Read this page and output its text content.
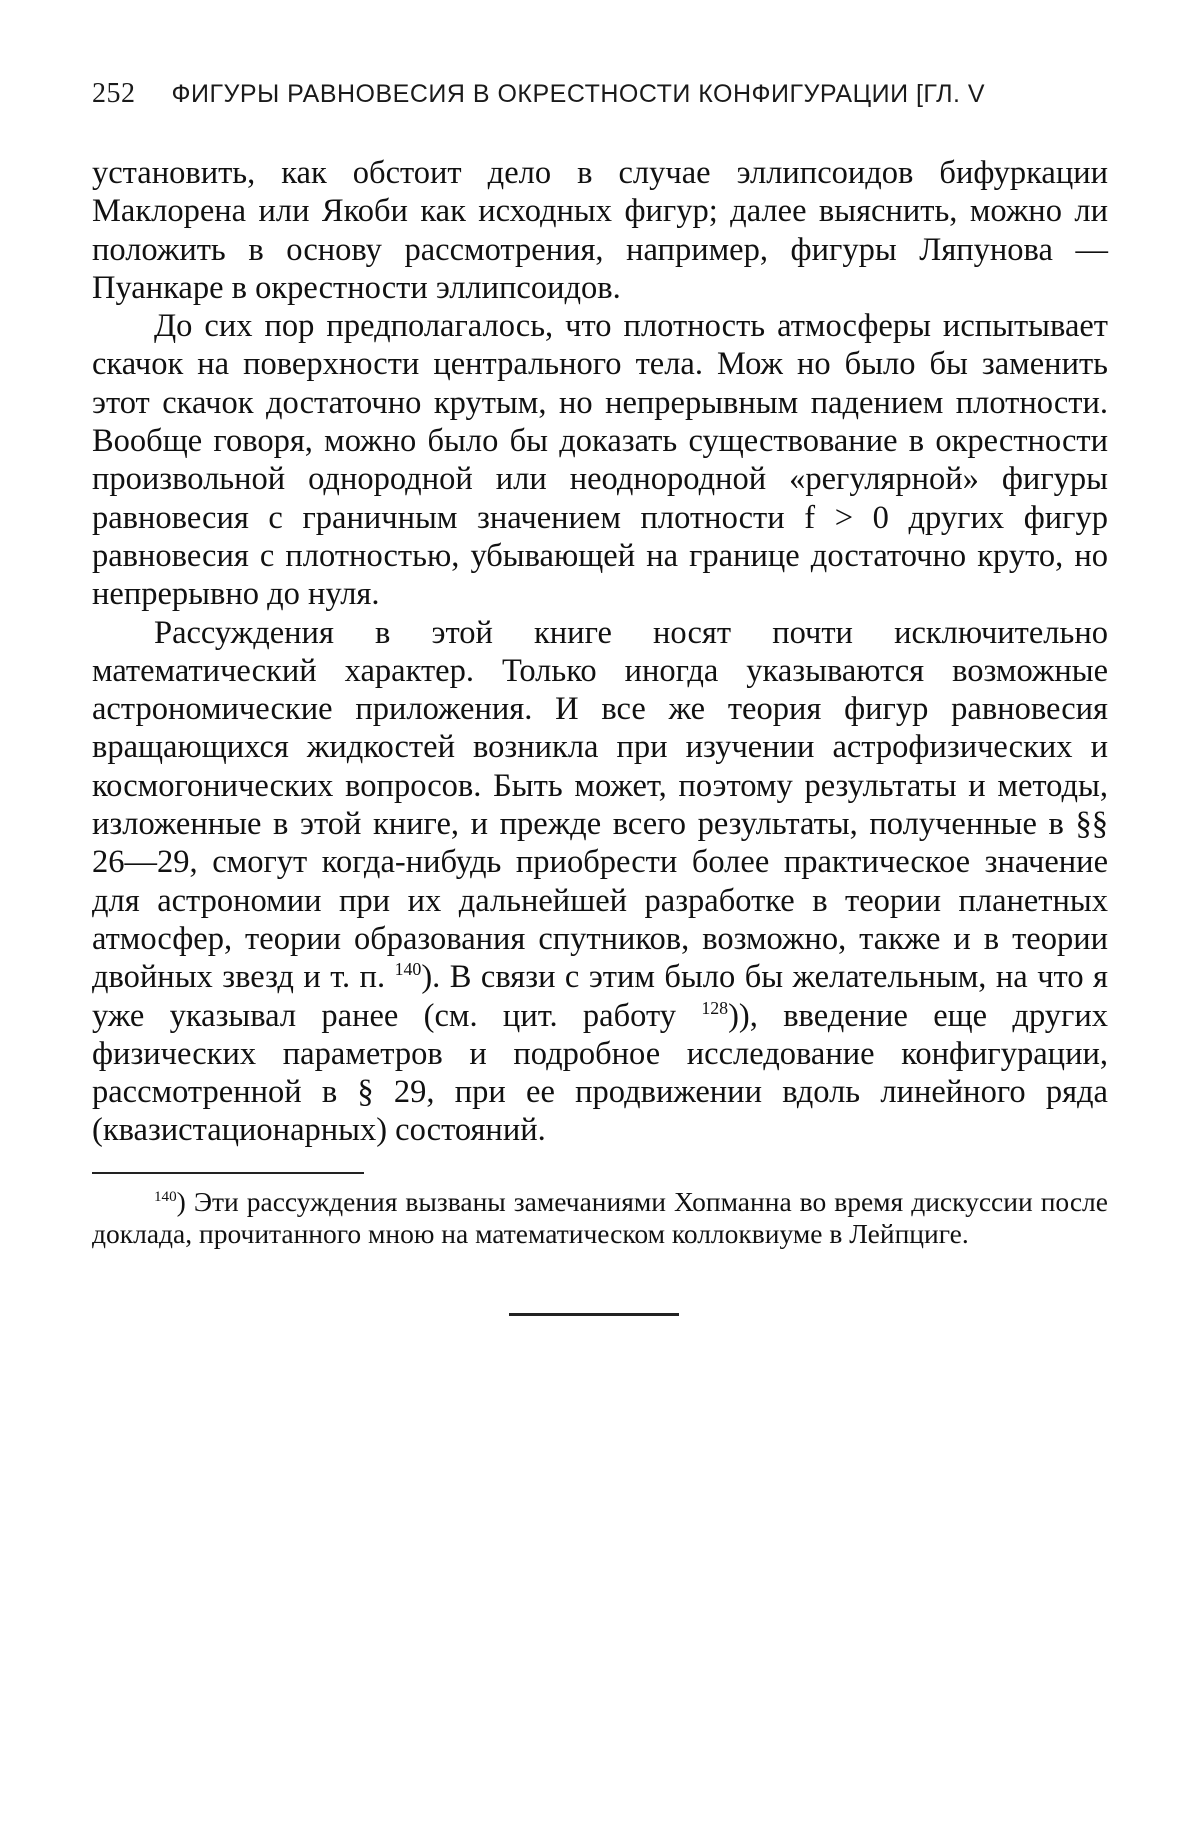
252 ФИГУРЫ РАВНОВЕСИЯ В ОКРЕСТНОСТИ КОНФИГУРАЦИИ [ГЛ. V

установить, как обстоит дело в случае эллипсоидов бифуркации Маклорена или Якоби как исходных фигур; далее выяснить, можно ли положить в основу рассмотрения, например, фигуры Ляпунова — Пуанкаре в окрестности эллипсоидов.

До сих пор предполагалось, что плотность атмосферы испытывает скачок на поверхности центрального тела. Мож но было бы заменить этот скачок достаточно крутым, но непрерывным падением плотности. Вообще говоря, можно было бы доказать существование в окрестности произвольной однородной или неоднородной «регулярной» фигуры равновесия с граничным значением плотности f > 0 других фигур равновесия с плотностью, убывающей на границе достаточно круто, но непрерывно до нуля.

Рассуждения в этой книге носят почти исключительно математический характер. Только иногда указываются возможные астрономические приложения. И все же теория фигур равновесия вращающихся жидкостей возникла при изучении астрофизических и космогонических вопросов. Быть может, поэтому результаты и методы, изложенные в этой книге, и прежде всего результаты, полученные в §§ 26—29, смогут когда-нибудь приобрести более практическое значение для астрономии при их дальнейшей разработке в теории планетных атмосфер, теории образования спутников, возможно, также и в теории двойных звезд и т. п. $^{140}$). В связи с этим было бы желательным, на что я уже указывал ранее (см. цит. работу $^{128}$)), введение еще других физических параметров и подробное исследование конфигурации, рассмотренной в § 29, при ее продвижении вдоль линейного ряда (квазистационарных) состояний.

$^{140}$) Эти рассуждения вызваны замечаниями Хопманна во время дискуссии после доклада, прочитанного мною на математическом коллоквиуме в Лейпциге.
